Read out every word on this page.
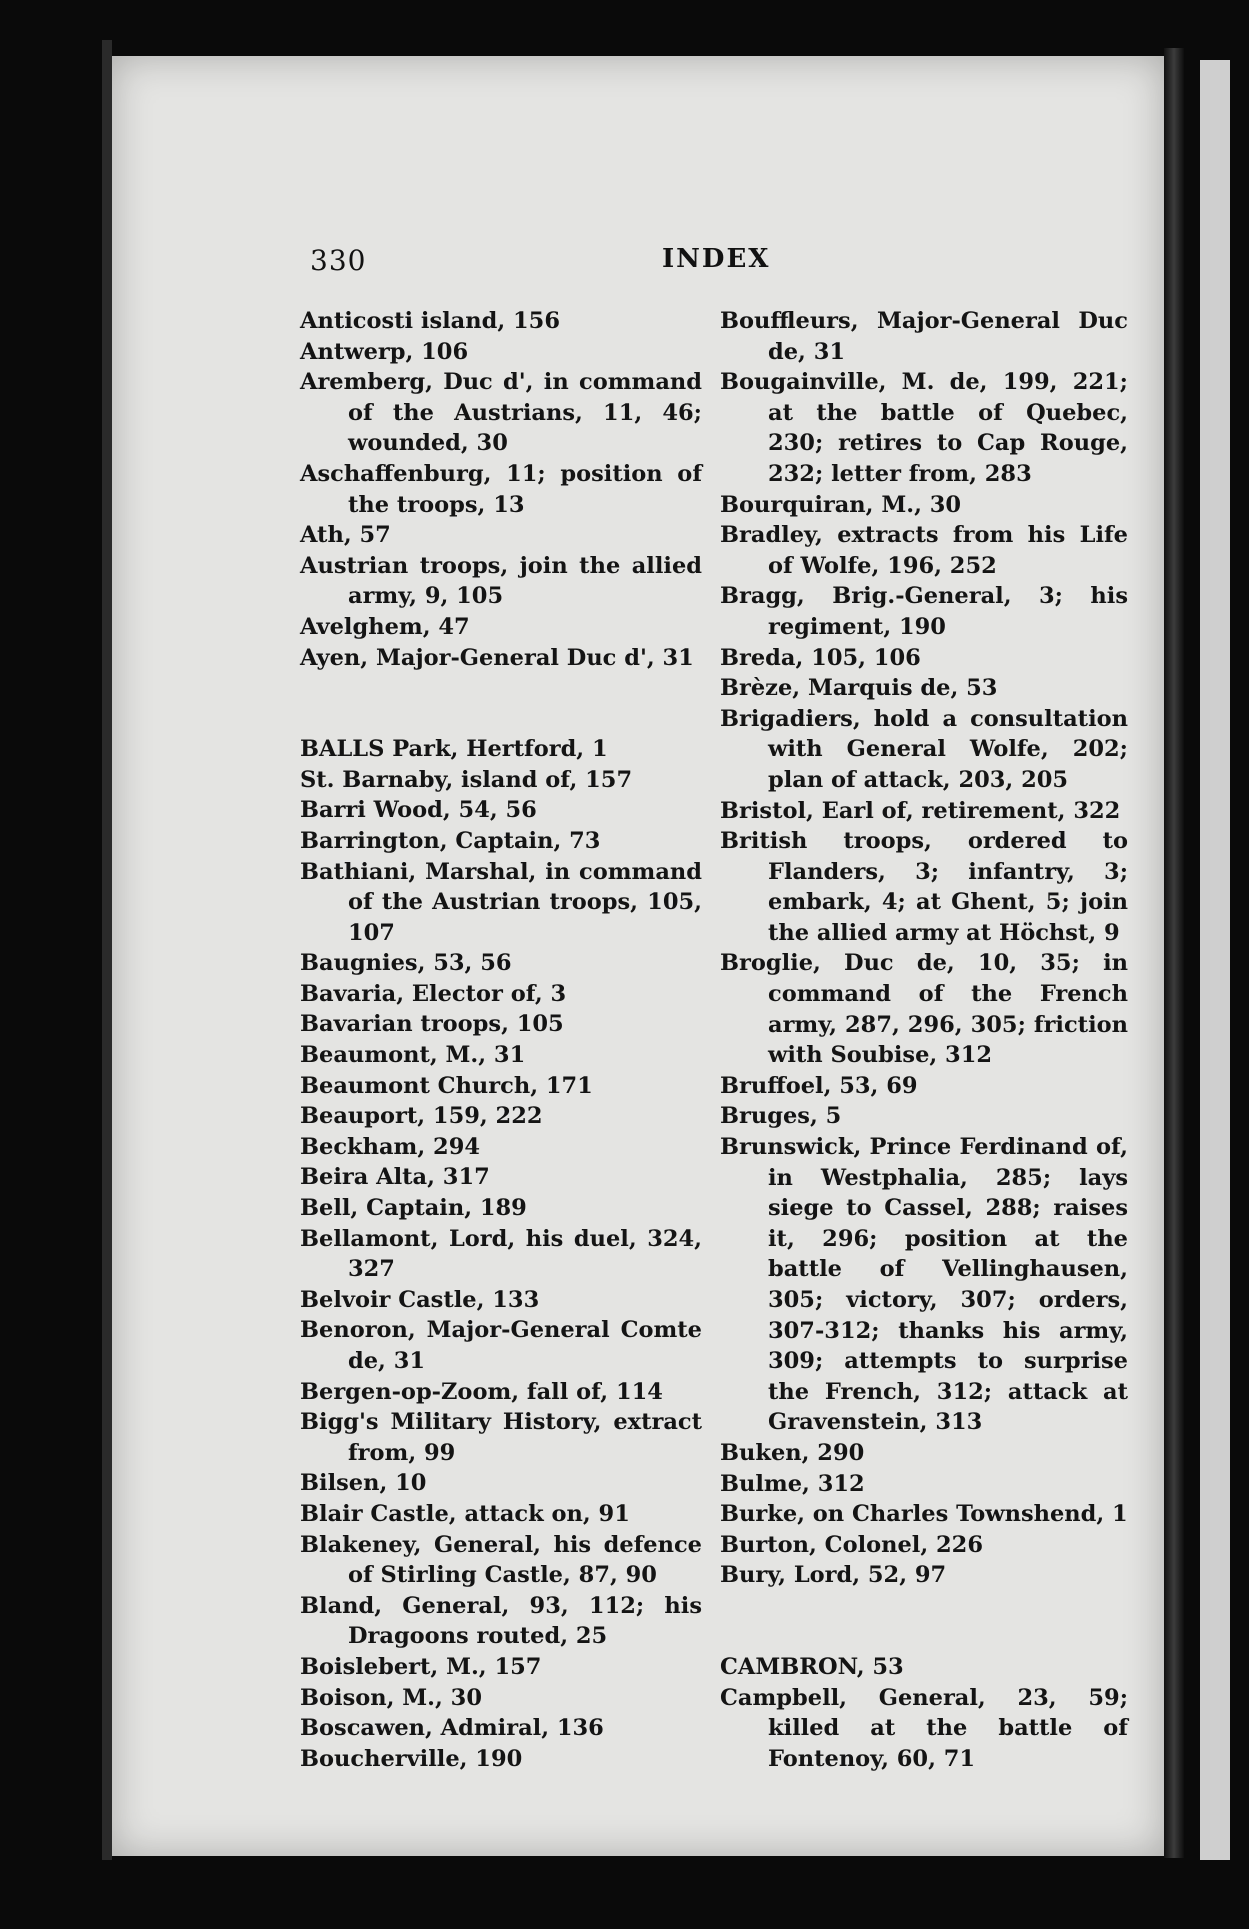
330	INDEX
Anticosti island, 156
Antwerp, 106
Aremberg, Duc d', in command of the Austrians, 11, 46; wounded, 30
Aschaffenburg, 11; position of the troops, 13
Ath, 57
Austrian troops, join the allied army, 9, 105
Avelghem, 47
Ayen, Major-General Duc d', 31
BALLS Park, Hertford, 1
St. Barnaby, island of, 157
Barri Wood, 54, 56
Barrington, Captain, 73
Bathiani, Marshal, in command of the Austrian troops, 105, 107
Baugnies, 53, 56
Bavaria, Elector of, 3
Bavarian troops, 105
Beaumont, M., 31
Beaumont Church, 171
Beauport, 159, 222
Beckham, 294
Beira Alta, 317
Bell, Captain, 189
Bellamont, Lord, his duel, 324, 327
Belvoir Castle, 133
Benoron, Major-General Comte de, 31
Bergen-op-Zoom, fall of, 114
Bigg's Military History, extract from, 99
Bilsen, 10
Blair Castle, attack on, 91
Blakeney, General, his defence of Stirling Castle, 87, 90
Bland, General, 93, 112; his Dragoons routed, 25
Boislebert, M., 157
Boison, M., 30
Boscawen, Admiral, 136
Boucherville, 190
Bouffleurs, Major-General Duc de, 31
Bougainville, M. de, 199, 221; at the battle of Quebec, 230; retires to Cap Rouge, 232; letter from, 283
Bourquiran, M., 30
Bradley, extracts from his Life of Wolfe, 196, 252
Bragg, Brig.-General, 3; his regiment, 190
Breda, 105, 106
Brèze, Marquis de, 53
Brigadiers, hold a consultation with General Wolfe, 202; plan of attack, 203, 205
Bristol, Earl of, retirement, 322
British troops, ordered to Flanders, 3; infantry, 3; embark, 4; at Ghent, 5; join the allied army at Höchst, 9
Broglie, Duc de, 10, 35; in command of the French army, 287, 296, 305; friction with Soubise, 312
Bruffoel, 53, 69
Bruges, 5
Brunswick, Prince Ferdinand of, in Westphalia, 285; lays siege to Cassel, 288; raises it, 296; position at the battle of Vellinghausen, 305; victory, 307; orders, 307-312; thanks his army, 309; attempts to surprise the French, 312; attack at Gravenstein, 313
Buken, 290
Bulme, 312
Burke, on Charles Townshend, 1
Burton, Colonel, 226
Bury, Lord, 52, 97
CAMBRON, 53
Campbell, General, 23, 59; killed at the battle of Fontenoy, 60, 71
